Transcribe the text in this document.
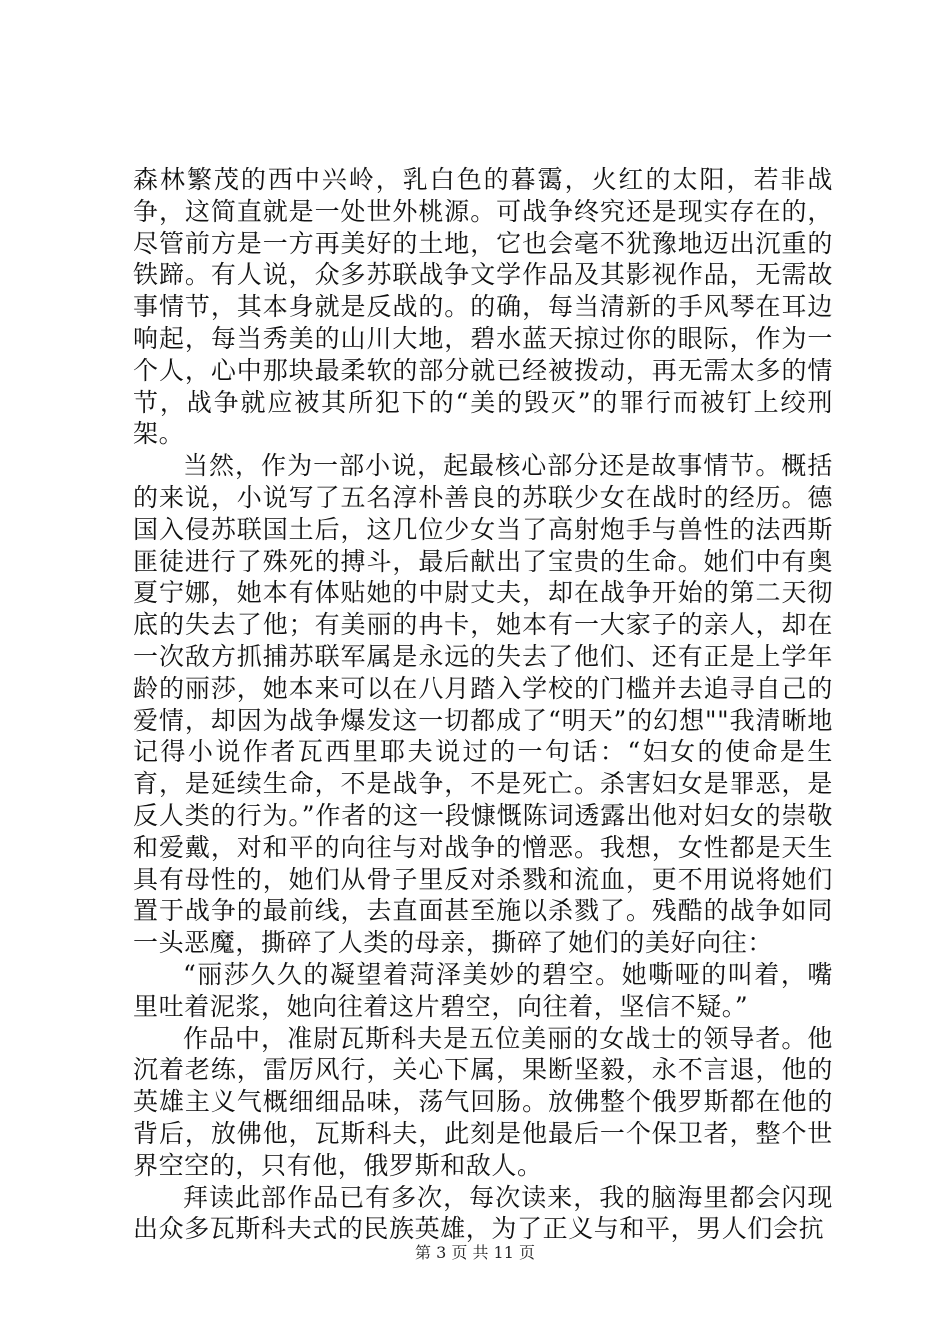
森林繁茂的西中兴岭，乳白色的暮霭，火红的太阳，若非战争，这简直就是一处世外桃源。可战争终究还是现实存在的，尽管前方是一方再美好的土地，它也会毫不犹豫地迈出沉重的铁蹄。有人说，众多苏联战争文学作品及其影视作品，无需故事情节，其本身就是反战的。的确，每当清新的手风琴在耳边响起，每当秀美的山川大地，碧水蓝天掠过你的眼际，作为一个人，心中那块最柔软的部分就已经被拨动，再无需太多的情节，战争就应被其所犯下的“美的毁灭”的罪行而被钉上绞刑架。

当然，作为一部小说，起最核心部分还是故事情节。概括的来说，小说写了五名淳朴善良的苏联少女在战时的经历。德国入侵苏联国土后，这几位少女当了高射炮手与兽性的法西斯匪徒进行了殊死的搏斗，最后献出了宝贵的生命。她们中有奥夏宁娜，她本有体贴她的中尉丈夫，却在战争开始的第二天彻底的失去了他；有美丽的冉卡，她本有一大家子的亲人，却在一次敌方抓捕苏联军属是永远的失去了他们、还有正是上学年龄的丽莎，她本来可以在八月踏入学校的门槛并去追寻自己的爱情，却因为战争爆发这一切都成了“明天”的幻想""我清晰地记得小说作者瓦西里耶夫说过的一句话：“妇女的使命是生育，是延续生命，不是战争，不是死亡。杀害妇女是罪恶，是反人类的行为。”作者的这一段慷慨陈词透露出他对妇女的崇敬和爱戴，对和平的向往与对战争的憎恶。我想，女性都是天生具有母性的，她们从骨子里反对杀戮和流血，更不用说将她们置于战争的最前线，去直面甚至施以杀戮了。残酷的战争如同一头恶魔，撕碎了人类的母亲，撕碎了她们的美好向往：

“丽莎久久的凝望着菏泽美妙的碧空。她嘶哑的叫着，嘴里吐着泥浆，她向往着这片碧空，向往着，坚信不疑。”

作品中，准尉瓦斯科夫是五位美丽的女战士的领导者。他沉着老练，雷厉风行，关心下属，果断坚毅，永不言退，他的英雄主义气概细细品味，荡气回肠。放佛整个俄罗斯都在他的背后，放佛他，瓦斯科夫，此刻是他最后一个保卫者，整个世界空空的，只有他，俄罗斯和敌人。

拜读此部作品已有多次，每次读来，我的脑海里都会闪现出众多瓦斯科夫式的民族英雄，为了正义与和平，男人们会抗

第 3 页 共 11 页
